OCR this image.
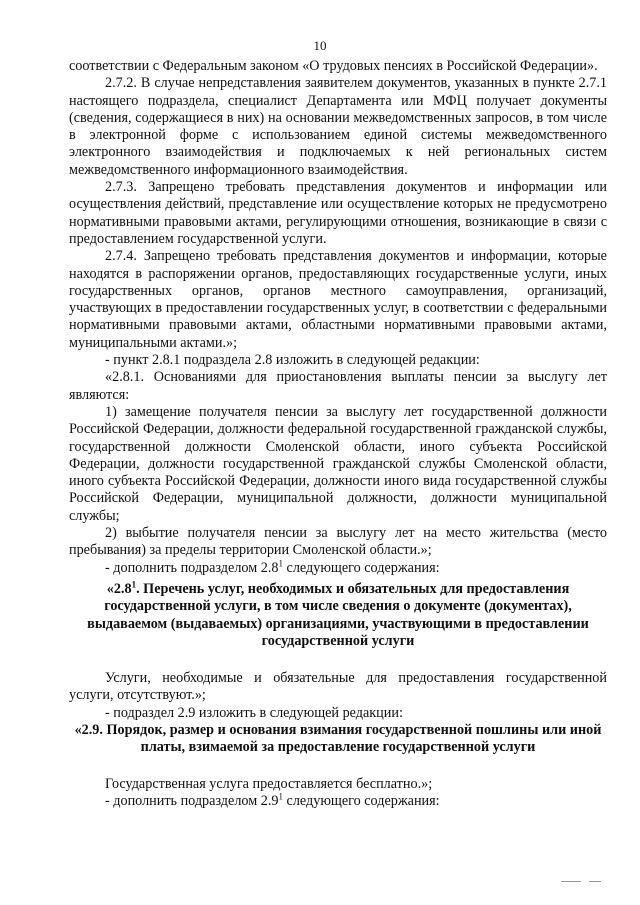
10

соответствии с Федеральным законом «О трудовых пенсиях в Российской Федерации».

2.7.2. В случае непредставления заявителем документов, указанных в пункте 2.7.1 настоящего подраздела, специалист Департамента или МФЦ получает документы (сведения, содержащиеся в них) на основании межведомственных запросов, в том числе в электронной форме с использованием единой системы межведомственного электронного взаимодействия и подключаемых к ней региональных систем межведомственного информационного взаимодействия.

2.7.3. Запрещено требовать представления документов и информации или осуществления действий, представление или осуществление которых не предусмотрено нормативными правовыми актами, регулирующими отношения, возникающие в связи с предоставлением государственной услуги.

2.7.4. Запрещено требовать представления документов и информации, которые находятся в распоряжении органов, предоставляющих государственные услуги, иных государственных органов, органов местного самоуправления, организаций, участвующих в предоставлении государственных услуг, в соответствии с федеральными нормативными правовыми актами, областными нормативными правовыми актами, муниципальными актами.»;

- пункт 2.8.1 подраздела 2.8 изложить в следующей редакции:

«2.8.1. Основаниями для приостановления выплаты пенсии за выслугу лет являются:

1) замещение получателя пенсии за выслугу лет государственной должности Российской Федерации, должности федеральной государственной гражданской службы, государственной должности Смоленской области, иного субъекта Российской Федерации, должности государственной гражданской службы Смоленской области, иного субъекта Российской Федерации, должности иного вида государственной службы Российской Федерации, муниципальной должности, должности муниципальной службы;

2) выбытие получателя пенсии за выслугу лет на место жительства (место пребывания) за пределы территории Смоленской области.»;

- дополнить подразделом $2.8^1$ следующего содержания:

«$2.8^1$. Перечень услуг, необходимых и обязательных для предоставления государственной услуги, в том числе сведения о документе (документах), выдаваемом (выдаваемых) организациями, участвующими в предоставлении государственной услуги

Услуги, необходимые и обязательные для предоставления государственной услуги, отсутствуют.»;

- подраздел 2.9 изложить в следующей редакции:

«2.9. Порядок, размер и основания взимания государственной пошлины или иной платы, взимаемой за предоставление государственной услуги

Государственная услуга предоставляется бесплатно.»;

- дополнить подразделом $2.9^1$ следующего содержания:
